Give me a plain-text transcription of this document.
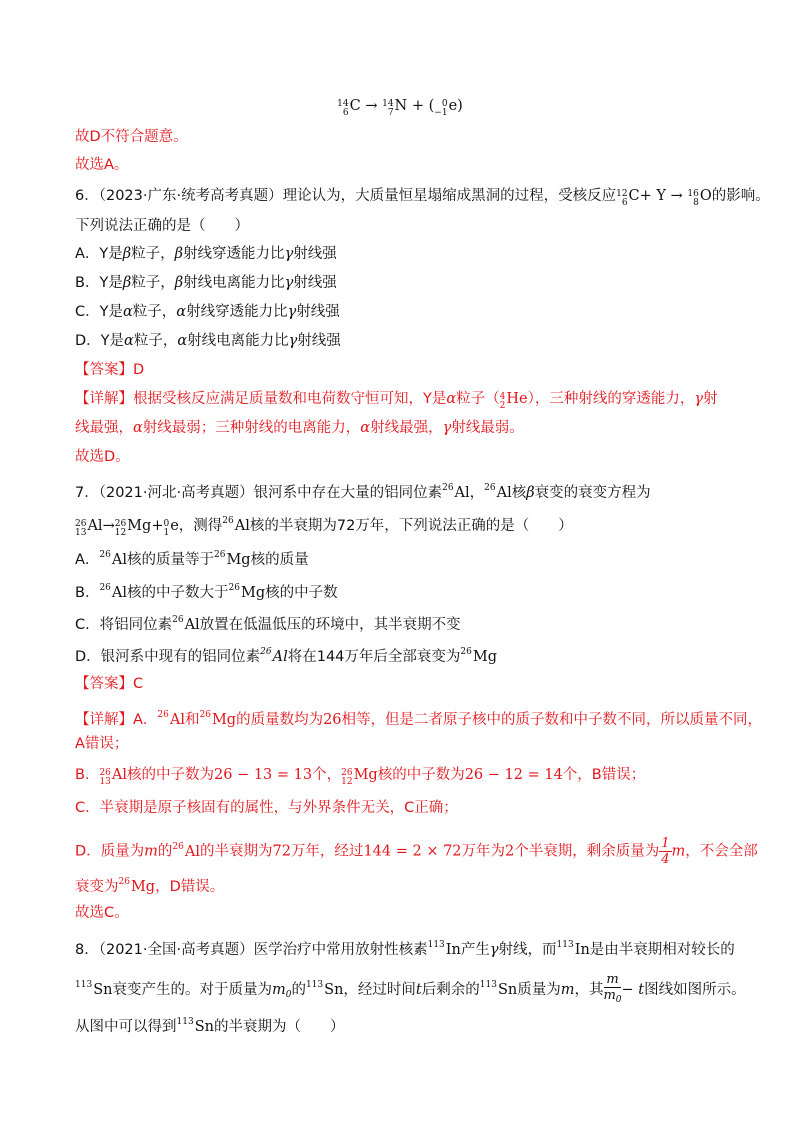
14
6 C → 14
7 N + ( 0
−1 e)
故D不符合题意。
故选A。
6．（2023·广东·统考高考真题）理论认为，大质量恒星塌缩成黑洞的过程，受核反应 12
6 C+ Y → 16
8 O的影响。
下列说法正确的是（　　）
A．Y是β粒子，β射线穿透能力比γ射线强
B．Y是β粒子，β射线电离能力比γ射线强
C．Y是α粒子，α射线穿透能力比γ射线强
D．Y是α粒子，α射线电离能力比γ射线强
【答案】D
【详解】根据受核反应满足质量数和电荷数守恒可知，Y是α粒子（ 4
2 He），三种射线的穿透能力，γ射
线最强，α射线最弱；三种射线的电离能力，α射线最强，γ射线最弱。
故选D。
7．（2021·河北·高考真题）银河系中存在大量的铝同位素$^{26}$Al，$^{26}$Al核β衰变的衰变方程为
26
13 Al→ 26
12 Mg+ 0
1 e，测得$^{26}$Al核的半衰期为72万年，下列说法正确的是（　　）
A．$^{26}$Al核的质量等于$^{26}$Mg核的质量
B．$^{26}$Al核的中子数大于$^{26}$Mg核的中子数
C．将铝同位素$^{26}$Al放置在低温低压的环境中，其半衰期不变
D．银河系中现有的铝同位素$^{26}$Al将在144万年后全部衰变为$^{26}$Mg
【答案】C
【详解】A．$^{26}$Al和$^{26}$Mg的质量数均为26相等，但是二者原子核中的质子数和中子数不同，所以质量不同，
A错误；
B． 26
13 Al核的中子数为26 − 13 = 13个， 26
12 Mg核的中子数为26 − 12 = 14个，B错误；
C．半衰期是原子核固有的属性，与外界条件无关，C正确；
D．质量为m的$^{26}$Al的半衰期为72万年，经过144 = 2 × 72万年为2个半衰期，剩余质量为 $\frac{1}{4}$ m，不会全部
衰变为$^{26}$Mg，D错误。
故选C。
8．（2021·全国·高考真题）医学治疗中常用放射性核素$^{113}$In产生γ射线，而$^{113}$In是由半衰期相对较长的
$^{113}$Sn衰变产生的。对于质量为$m_0$的$^{113}$Sn，经过时间t后剩余的$^{113}$Sn质量为m，其 $\frac{m}{m_0} - t$图线如图所示。
从图中可以得到$^{113}$Sn的半衰期为（　　）
